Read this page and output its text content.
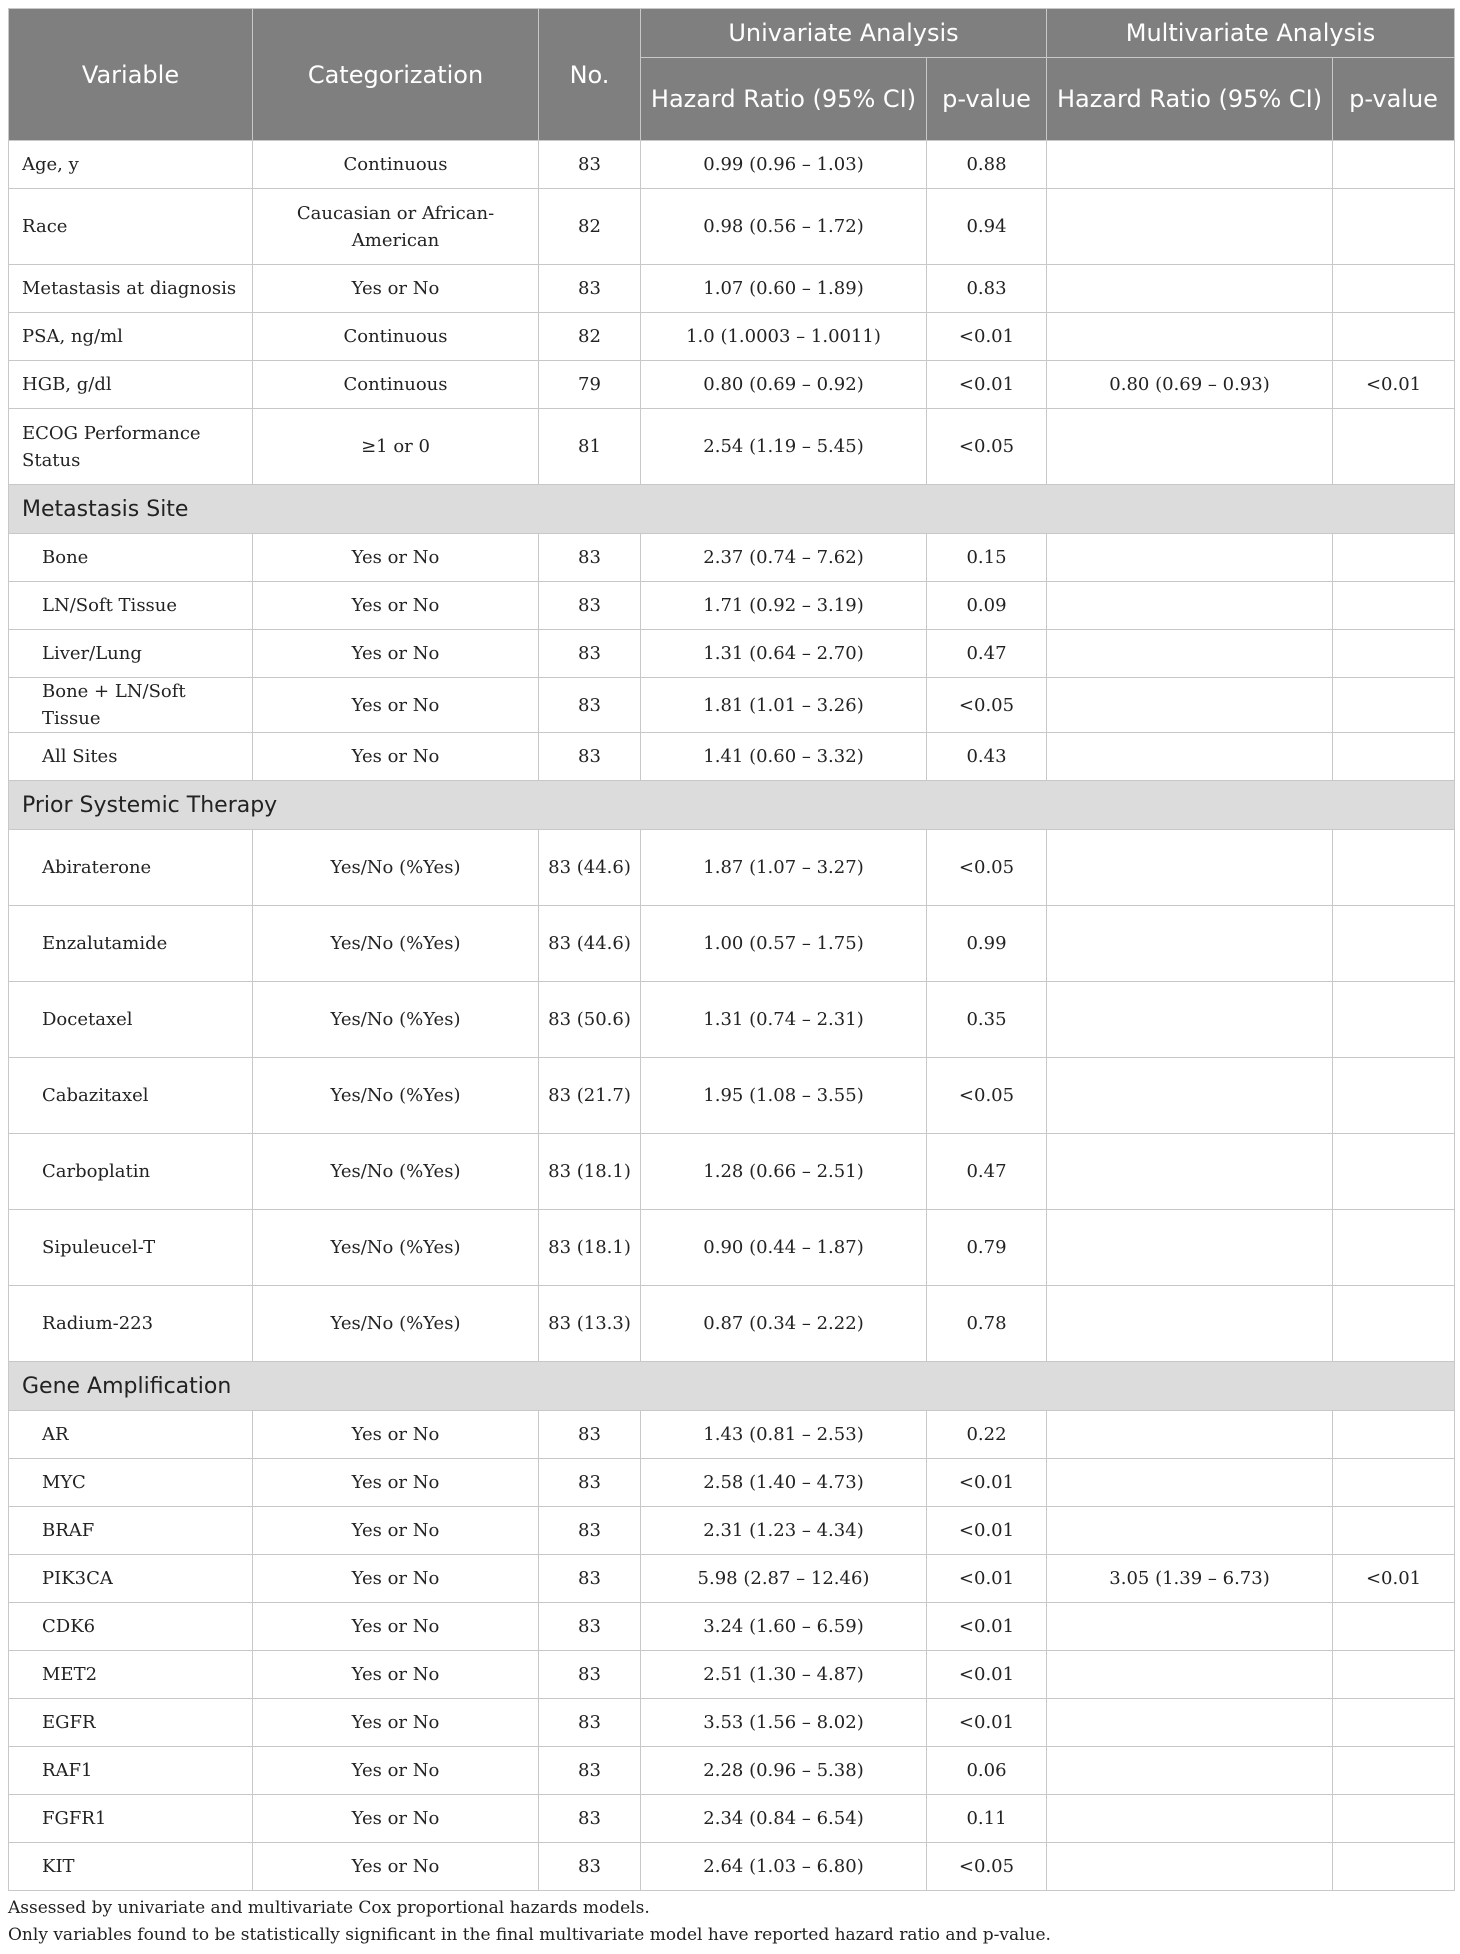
Variable	Categorization	No.	Univariate Analysis		Multivariate Analysis	
			Hazard Ratio (95% CI)	p-value	Hazard Ratio (95% CI)	p-value
Age, y	Continuous	83	0.99 (0.96 – 1.03)	0.88		
Race	Caucasian or African-American	82	0.98 (0.56 – 1.72)	0.94		
Metastasis at diagnosis	Yes or No	83	1.07 (0.60 – 1.89)	0.83		
PSA, ng/ml	Continuous	82	1.0 (1.0003 – 1.0011)	<0.01		
HGB, g/dl	Continuous	79	0.80 (0.69 – 0.92)	<0.01	0.80 (0.69 – 0.93)	<0.01
ECOG Performance Status	≥1 or 0	81	2.54 (1.19 – 5.45)	<0.05		
Metastasis Site						
Bone	Yes or No	83	2.37 (0.74 – 7.62)	0.15		
LN/Soft Tissue	Yes or No	83	1.71 (0.92 – 3.19)	0.09		
Liver/Lung	Yes or No	83	1.31 (0.64 – 2.70)	0.47		
Bone + LN/Soft Tissue	Yes or No	83	1.81 (1.01 – 3.26)	<0.05		
All Sites	Yes or No	83	1.41 (0.60 – 3.32)	0.43		
Prior Systemic Therapy						
Abiraterone	Yes/No (%Yes)	83 (44.6)	1.87 (1.07 – 3.27)	<0.05		
Enzalutamide	Yes/No (%Yes)	83 (44.6)	1.00 (0.57 – 1.75)	0.99		
Docetaxel	Yes/No (%Yes)	83 (50.6)	1.31 (0.74 – 2.31)	0.35		
Cabazitaxel	Yes/No (%Yes)	83 (21.7)	1.95 (1.08 – 3.55)	<0.05		
Carboplatin	Yes/No (%Yes)	83 (18.1)	1.28 (0.66 – 2.51)	0.47		
Sipuleucel-T	Yes/No (%Yes)	83 (18.1)	0.90 (0.44 – 1.87)	0.79		
Radium-223	Yes/No (%Yes)	83 (13.3)	0.87 (0.34 – 2.22)	0.78		
Gene Amplification						
AR	Yes or No	83	1.43 (0.81 – 2.53)	0.22		
MYC	Yes or No	83	2.58 (1.40 – 4.73)	<0.01		
BRAF	Yes or No	83	2.31 (1.23 – 4.34)	<0.01		
PIK3CA	Yes or No	83	5.98 (2.87 – 12.46)	<0.01	3.05 (1.39 – 6.73)	<0.01
CDK6	Yes or No	83	3.24 (1.60 – 6.59)	<0.01		
MET2	Yes or No	83	2.51 (1.30 – 4.87)	<0.01		
EGFR	Yes or No	83	3.53 (1.56 – 8.02)	<0.01		
RAF1	Yes or No	83	2.28 (0.96 – 5.38)	0.06		
FGFR1	Yes or No	83	2.34 (0.84 – 6.54)	0.11		
KIT	Yes or No	83	2.64 (1.03 – 6.80)	<0.05		
Assessed by univariate and multivariate Cox proportional hazards models.
Only variables found to be statistically significant in the final multivariate model have reported hazard ratio and p-value.
